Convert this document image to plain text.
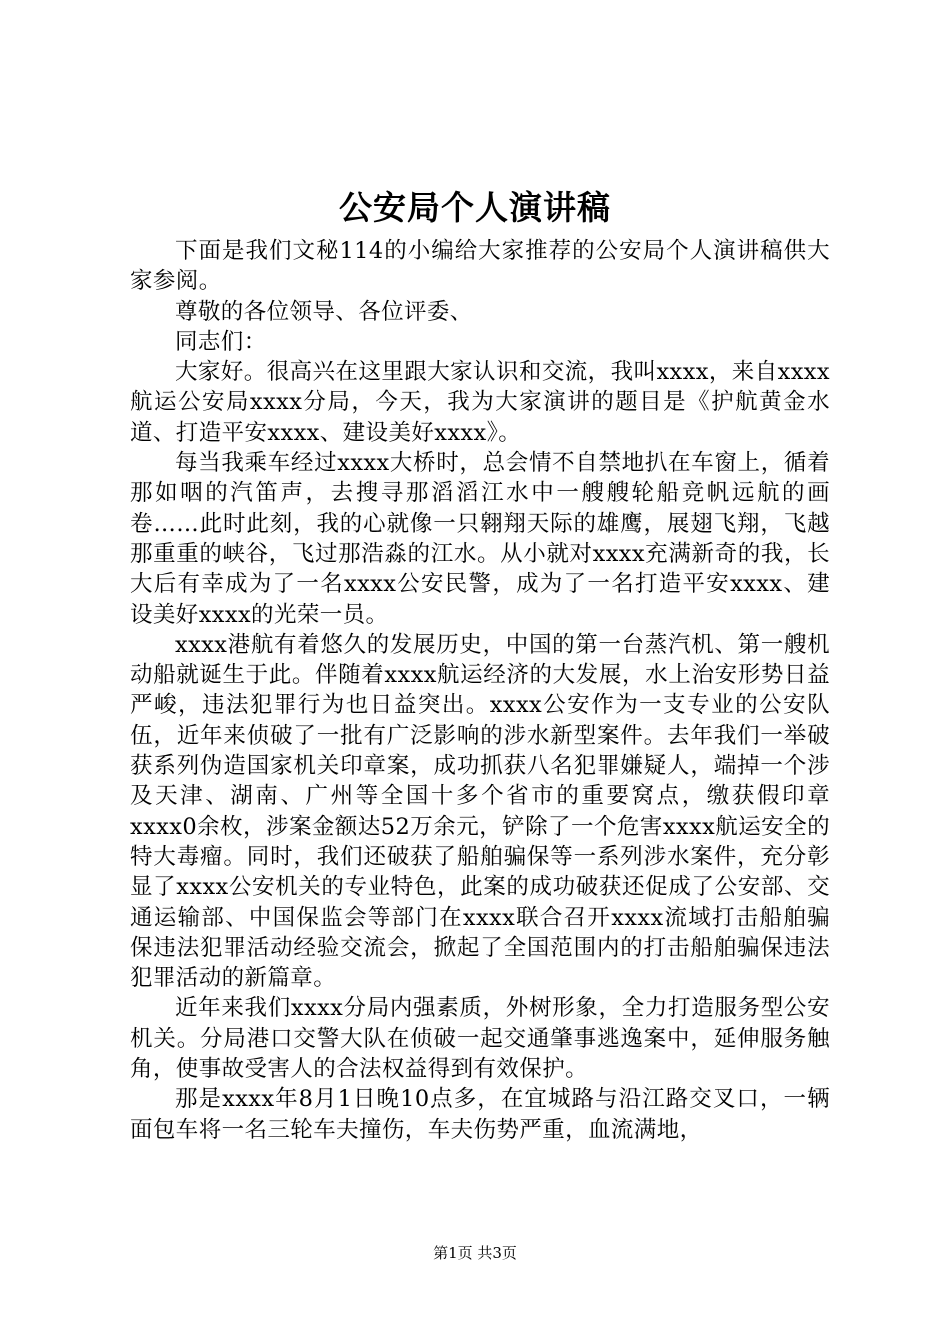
公安局个人演讲稿

下面是我们文秘114的小编给大家推荐的公安局个人演讲稿供大家参阅。

尊敬的各位领导、各位评委、

同志们：

大家好。很高兴在这里跟大家认识和交流，我叫xxxx，来自xxxx航运公安局xxxx分局，今天，我为大家演讲的题目是《护航黄金水道、打造平安xxxx、建设美好xxxx》。

每当我乘车经过xxxx大桥时，总会情不自禁地扒在车窗上，循着那如咽的汽笛声，去搜寻那滔滔江水中一艘艘轮船竞帆远航的画卷……此时此刻，我的心就像一只翱翔天际的雄鹰，展翅飞翔，飞越那重重的峡谷，飞过那浩淼的江水。从小就对xxxx充满新奇的我，长大后有幸成为了一名xxxx公安民警，成为了一名打造平安xxxx、建设美好xxxx的光荣一员。

xxxx港航有着悠久的发展历史，中国的第一台蒸汽机、第一艘机动船就诞生于此。伴随着xxxx航运经济的大发展，水上治安形势日益严峻，违法犯罪行为也日益突出。xxxx公安作为一支专业的公安队伍，近年来侦破了一批有广泛影响的涉水新型案件。去年我们一举破获系列伪造国家机关印章案，成功抓获八名犯罪嫌疑人，端掉一个涉及天津、湖南、广州等全国十多个省市的重要窝点，缴获假印章xxxx0余枚，涉案金额达52万余元，铲除了一个危害xxxx航运安全的特大毒瘤。同时，我们还破获了船舶骗保等一系列涉水案件，充分彰显了xxxx公安机关的专业特色，此案的成功破获还促成了公安部、交通运输部、中国保监会等部门在xxxx联合召开xxxx流域打击船舶骗保违法犯罪活动经验交流会，掀起了全国范围内的打击船舶骗保违法犯罪活动的新篇章。

近年来我们xxxx分局内强素质，外树形象，全力打造服务型公安机关。分局港口交警大队在侦破一起交通肇事逃逸案中，延伸服务触角，使事故受害人的合法权益得到有效保护。

那是xxxx年8月1日晚10点多，在宜城路与沿江路交叉口，一辆面包车将一名三轮车夫撞伤，车夫伤势严重，血流满地，

第1页 共3页
